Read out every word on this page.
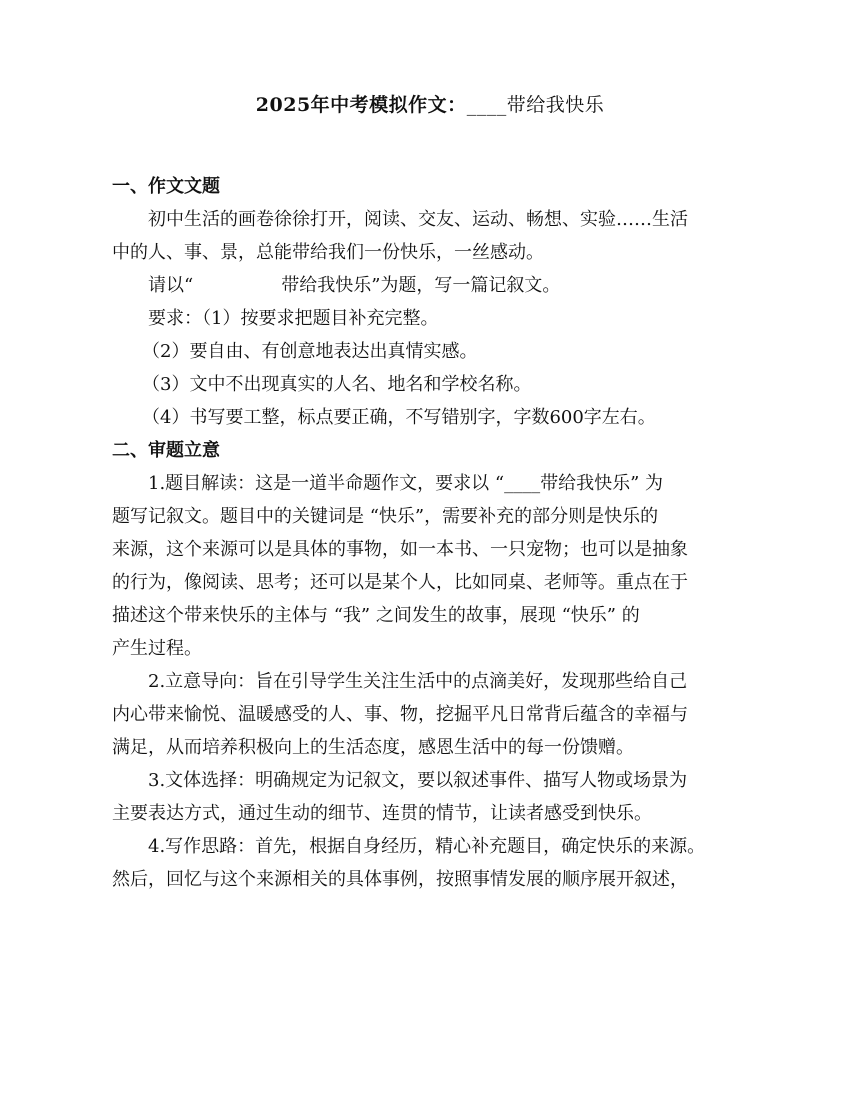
2025年中考模拟作文：____带给我快乐
一、作文文题
初中生活的画卷徐徐打开，阅读、交友、运动、畅想、实验……生活
中的人、事、景，总能带给我们一份快乐，一丝感动。
请以“	带给我快乐”为题，写一篇记叙文。
要求：（1）按要求把题目补充完整。
（2）要自由、有创意地表达出真情实感。
（3）文中不出现真实的人名、地名和学校名称。
（4）书写要工整，标点要正确，不写错别字，字数600字左右。
二、审题立意
1.题目解读：这是一道半命题作文，要求以 “____带给我快乐” 为
题写记叙文。题目中的关键词是 “快乐”，需要补充的部分则是快乐的
来源，这个来源可以是具体的事物，如一本书、一只宠物；也可以是抽象
的行为，像阅读、思考；还可以是某个人，比如同桌、老师等。重点在于
描述这个带来快乐的主体与 “我” 之间发生的故事，展现 “快乐” 的
产生过程。
2.立意导向：旨在引导学生关注生活中的点滴美好，发现那些给自己
内心带来愉悦、温暖感受的人、事、物，挖掘平凡日常背后蕴含的幸福与
满足，从而培养积极向上的生活态度，感恩生活中的每一份馈赠。
3.文体选择：明确规定为记叙文，要以叙述事件、描写人物或场景为
主要表达方式，通过生动的细节、连贯的情节，让读者感受到快乐。
4.写作思路：首先，根据自身经历，精心补充题目，确定快乐的来源。
然后，回忆与这个来源相关的具体事例，按照事情发展的顺序展开叙述，
